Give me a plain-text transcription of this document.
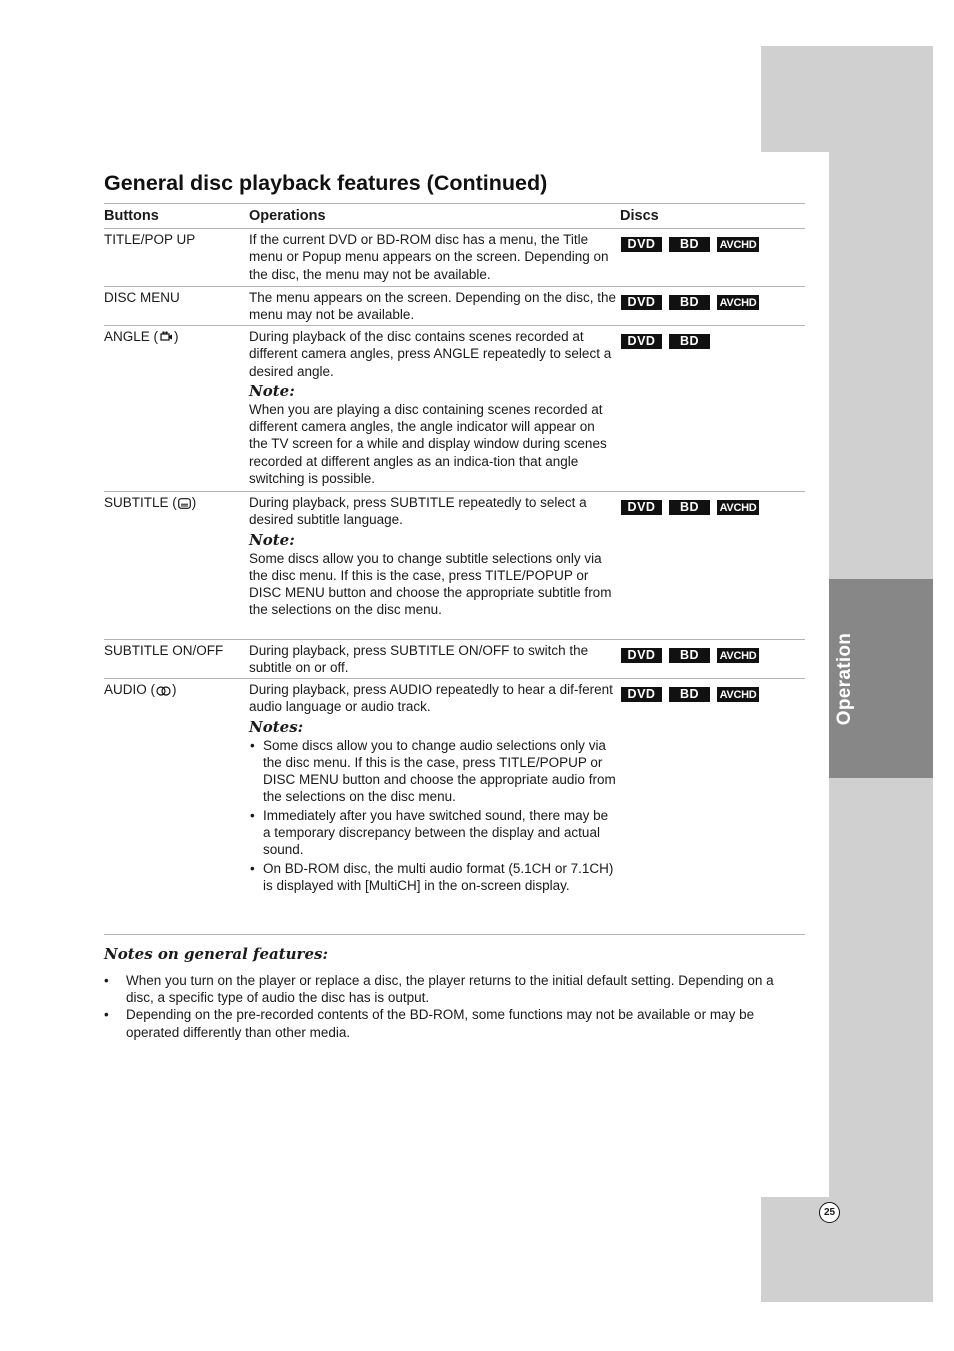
Operation
25
General disc playback features (Continued)
Buttons	Operations	Discs
TITLE/POP UP	If the current DVD or BD-ROM disc has a menu, the Title menu or Popup menu appears on the screen. Depending on the disc, the menu may not be available.
DVD	BD	AVCHD
DISC MENU	The menu appears on the screen. Depending on the disc, the menu may not be available.
DVD	BD	AVCHD
ANGLE ( )	During playback of the disc contains scenes recorded at different camera angles, press ANGLE repeatedly to select a desired angle.
Note:
When you are playing a disc containing scenes recorded at different camera angles, the angle indicator will appear on the TV screen for a while and display window during scenes recorded at different angles as an indica-tion that angle switching is possible.
DVD	BD
SUBTITLE ( )	During playback, press SUBTITLE repeatedly to select a desired subtitle language.
Note:
Some discs allow you to change subtitle selections only via the disc menu. If this is the case, press TITLE/POPUP or DISC MENU button and choose the appropriate subtitle from the selections on the disc menu.
DVD	BD	AVCHD
SUBTITLE ON/OFF	During playback, press SUBTITLE ON/OFF to switch the subtitle on or off.
DVD	BD	AVCHD
AUDIO ( )	During playback, press AUDIO repeatedly to hear a dif-ferent audio language or audio track.
Notes:
• Some discs allow you to change audio selections only via the disc menu. If this is the case, press TITLE/POPUP or DISC MENU button and choose the appropriate audio from the selections on the disc menu.
• Immediately after you have switched sound, there may be a temporary discrepancy between the display and actual sound.
• On BD-ROM disc, the multi audio format (5.1CH or 7.1CH) is displayed with [MultiCH] in the on-screen display.
DVD	BD	AVCHD
Notes on general features:
• When you turn on the player or replace a disc, the player returns to the initial default setting. Depending on a disc, a specific type of audio the disc has is output.
• Depending on the pre-recorded contents of the BD-ROM, some functions may not be available or may be operated differently than other media.
